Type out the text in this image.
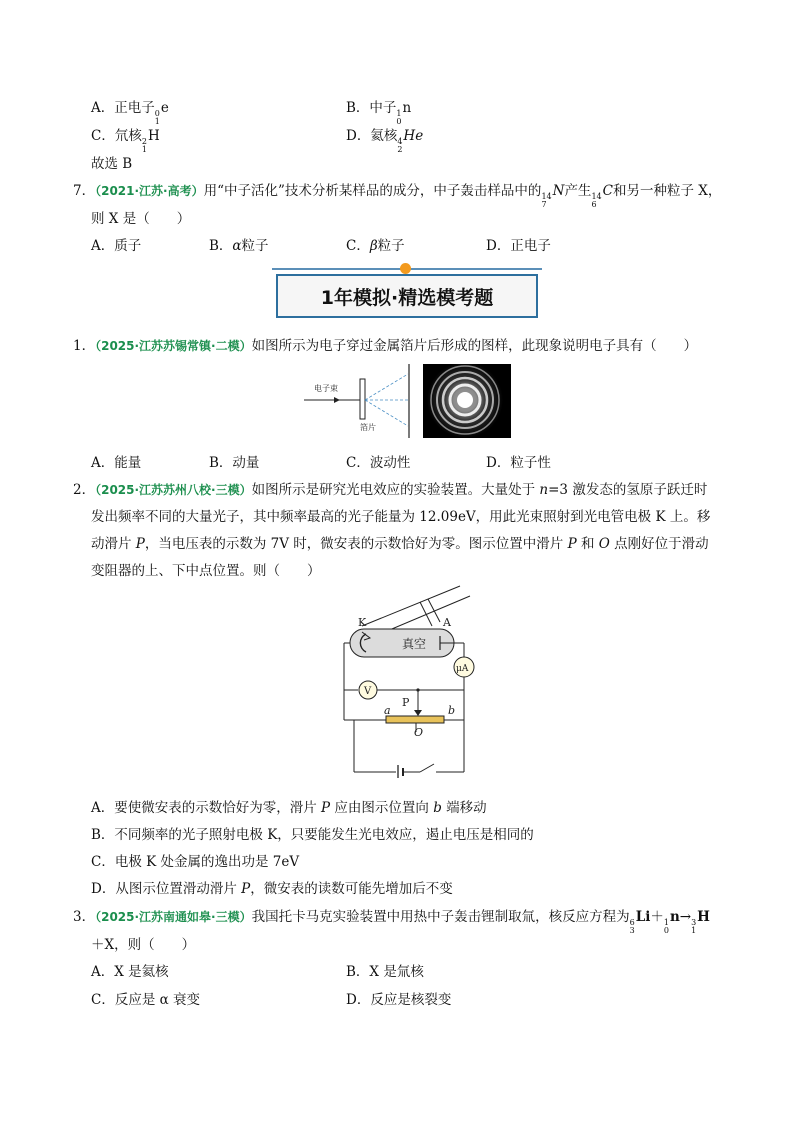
A．正电子 0
1
e	B．中子 1
0
n
C．氘核 2
1
H	D．氦核 4
2
He
故选 B
7．（2021·江苏·高考）用“中子活化”技术分析某样品的成分，中子轰击样品中的 14
7
N产生 14
6
C和另一种粒子 X，
则 X 是（　　）
A．质子	B．α粒子	C．β粒子	D．正电子
1年模拟·精选模考题
1．（2025·江苏苏锡常镇·二模）如图所示为电子穿过金属箔片后形成的图样，此现象说明电子具有（　　）
电子束
箔片
A．能量	B．动量	C．波动性	D．粒子性
2．（2025·江苏苏州八校·三模）如图所示是研究光电效应的实验装置。大量处于 n=3 激发态的氢原子跃迁时
发出频率不同的大量光子，其中频率最高的光子能量为 12.09eV，用此光束照射到光电管电极 K 上。移
动滑片 P，当电压表的示数为 7V 时，微安表的示数恰好为零。图示位置中滑片 P 和 O 点刚好位于滑动
变阻器的上、下中点位置。则（　　）
K	A
真空
μA
V
P
a	b
O
A．要使微安表的示数恰好为零，滑片 P 应由图示位置向 b 端移动
B．不同频率的光子照射电极 K，只要能发生光电效应，遏止电压是相同的
C．电极 K 处金属的逸出功是 7eV
D．从图示位置滑动滑片 P，微安表的读数可能先增加后不变
3．（2025·江苏南通如皋·三模）我国托卡马克实验装置中用热中子轰击锂制取氚，核反应方程为 6
3
Li＋ 1
0
n→ 3
1
H
＋X，则（　　）
A．X 是氦核	B．X 是氚核
C．反应是 α 衰变	D．反应是核裂变
